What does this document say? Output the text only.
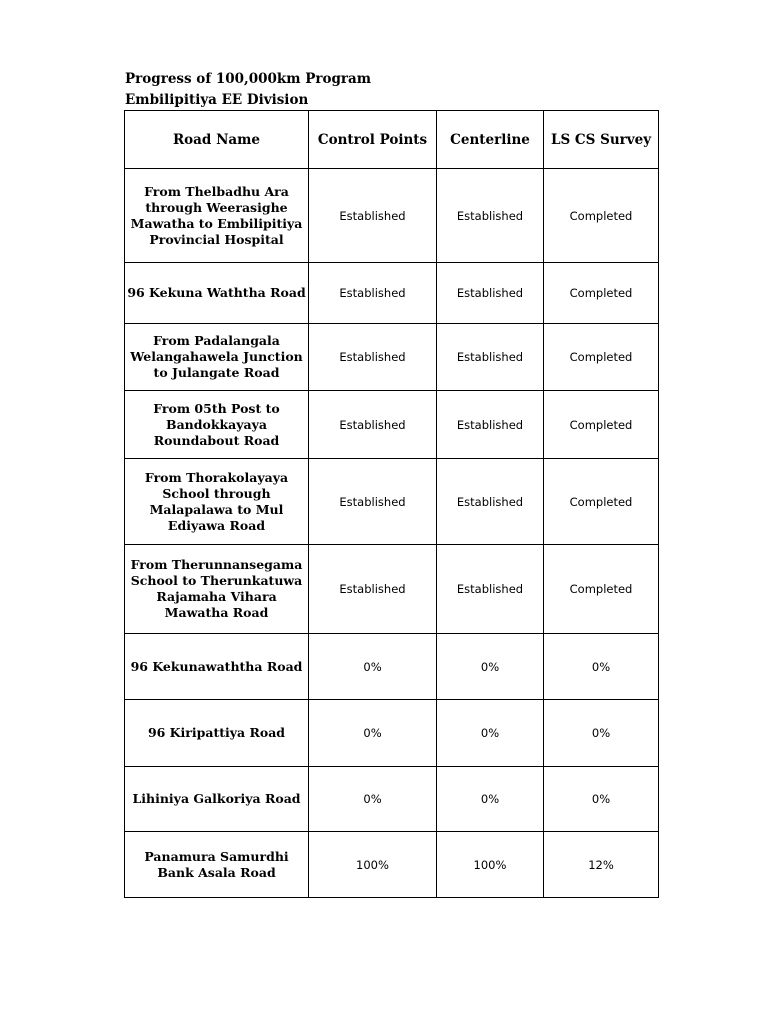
Progress of 100,000km Program
Embilipitiya EE Division
Road Name	Control Points	Centerline	LS CS Survey
From Thelbadhu Ara through Weerasighe Mawatha to Embilipitiya Provincial Hospital	Established	Established	Completed
96 Kekuna Waththa Road	Established	Established	Completed
From Padalangala Welangahawela Junction to Julangate Road	Established	Established	Completed
From 05th Post to Bandokkayaya Roundabout Road	Established	Established	Completed
From Thorakolayaya School through Malapalawa to Mul Ediyawa Road	Established	Established	Completed
From Therunnansegama School to Therunkatuwa Rajamaha Vihara Mawatha Road	Established	Established	Completed
96 Kekunawaththa Road	0%	0%	0%
96 Kiripattiya Road	0%	0%	0%
Lihiniya Galkoriya Road	0%	0%	0%
Panamura Samurdhi Bank Asala Road	100%	100%	12%
